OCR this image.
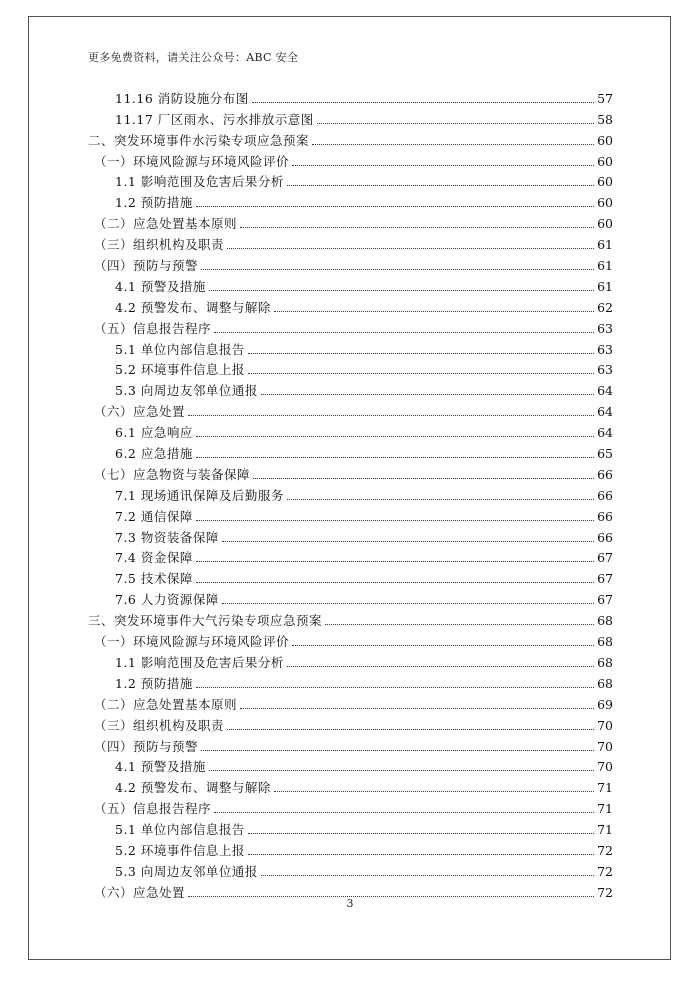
更多免费资料，请关注公众号：ABC 安全
11.16 消防设施分布图	57
11.17 厂区雨水、污水排放示意图	58
二、突发环境事件水污染专项应急预案	60
（一）环境风险源与环境风险评价	60
1.1 影响范围及危害后果分析	60
1.2 预防措施	60
（二）应急处置基本原则	60
（三）组织机构及职责	61
（四）预防与预警	61
4.1 预警及措施	61
4.2 预警发布、调整与解除	62
（五）信息报告程序	63
5.1 单位内部信息报告	63
5.2 环境事件信息上报	63
5.3 向周边友邻单位通报	64
（六）应急处置	64
6.1 应急响应	64
6.2 应急措施	65
（七）应急物资与装备保障	66
7.1 现场通讯保障及后勤服务	66
7.2 通信保障	66
7.3 物资装备保障	66
7.4 资金保障	67
7.5 技术保障	67
7.6 人力资源保障	67
三、突发环境事件大气污染专项应急预案	68
（一）环境风险源与环境风险评价	68
1.1 影响范围及危害后果分析	68
1.2 预防措施	68
（二）应急处置基本原则	69
（三）组织机构及职责	70
（四）预防与预警	70
4.1 预警及措施	70
4.2 预警发布、调整与解除	71
（五）信息报告程序	71
5.1 单位内部信息报告	71
5.2 环境事件信息上报	72
5.3 向周边友邻单位通报	72
（六）应急处置	72
3
